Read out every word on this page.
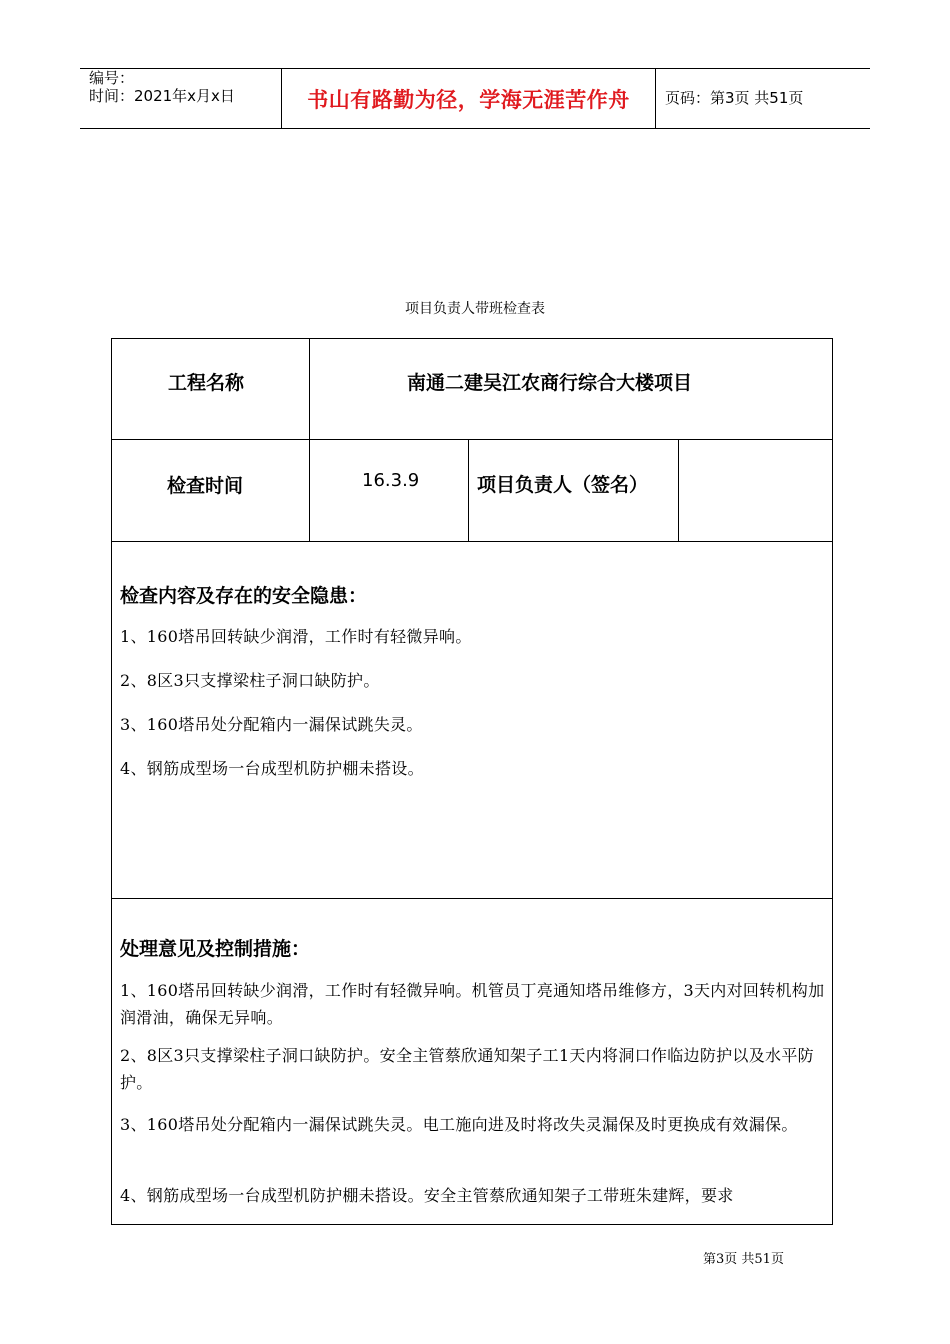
编号：
时间：2021年x月x日	书山有路勤为径，学海无涯苦作舟	页码：第3页 共51页
项目负责人带班检查表
工程名称	南通二建吴江农商行综合大楼项目
检查时间	16.3.9	项目负责人（签名）
检查内容及存在的安全隐患：
1、160塔吊回转缺少润滑，工作时有轻微异响。
2、8区3只支撑梁柱子洞口缺防护。
3、160塔吊处分配箱内一漏保试跳失灵。
4、钢筋成型场一台成型机防护棚未搭设。
处理意见及控制措施：
1、160塔吊回转缺少润滑，工作时有轻微异响。机管员丁亮通知塔吊维修方，3天内对回转机构加润滑油，确保无异响。
2、8区3只支撑梁柱子洞口缺防护。安全主管蔡欣通知架子工1天内将洞口作临边防护以及水平防护。
3、160塔吊处分配箱内一漏保试跳失灵。电工施向进及时将改失灵漏保及时更换成有效漏保。
4、钢筋成型场一台成型机防护棚未搭设。安全主管蔡欣通知架子工带班朱建辉，要求
第3页 共51页
